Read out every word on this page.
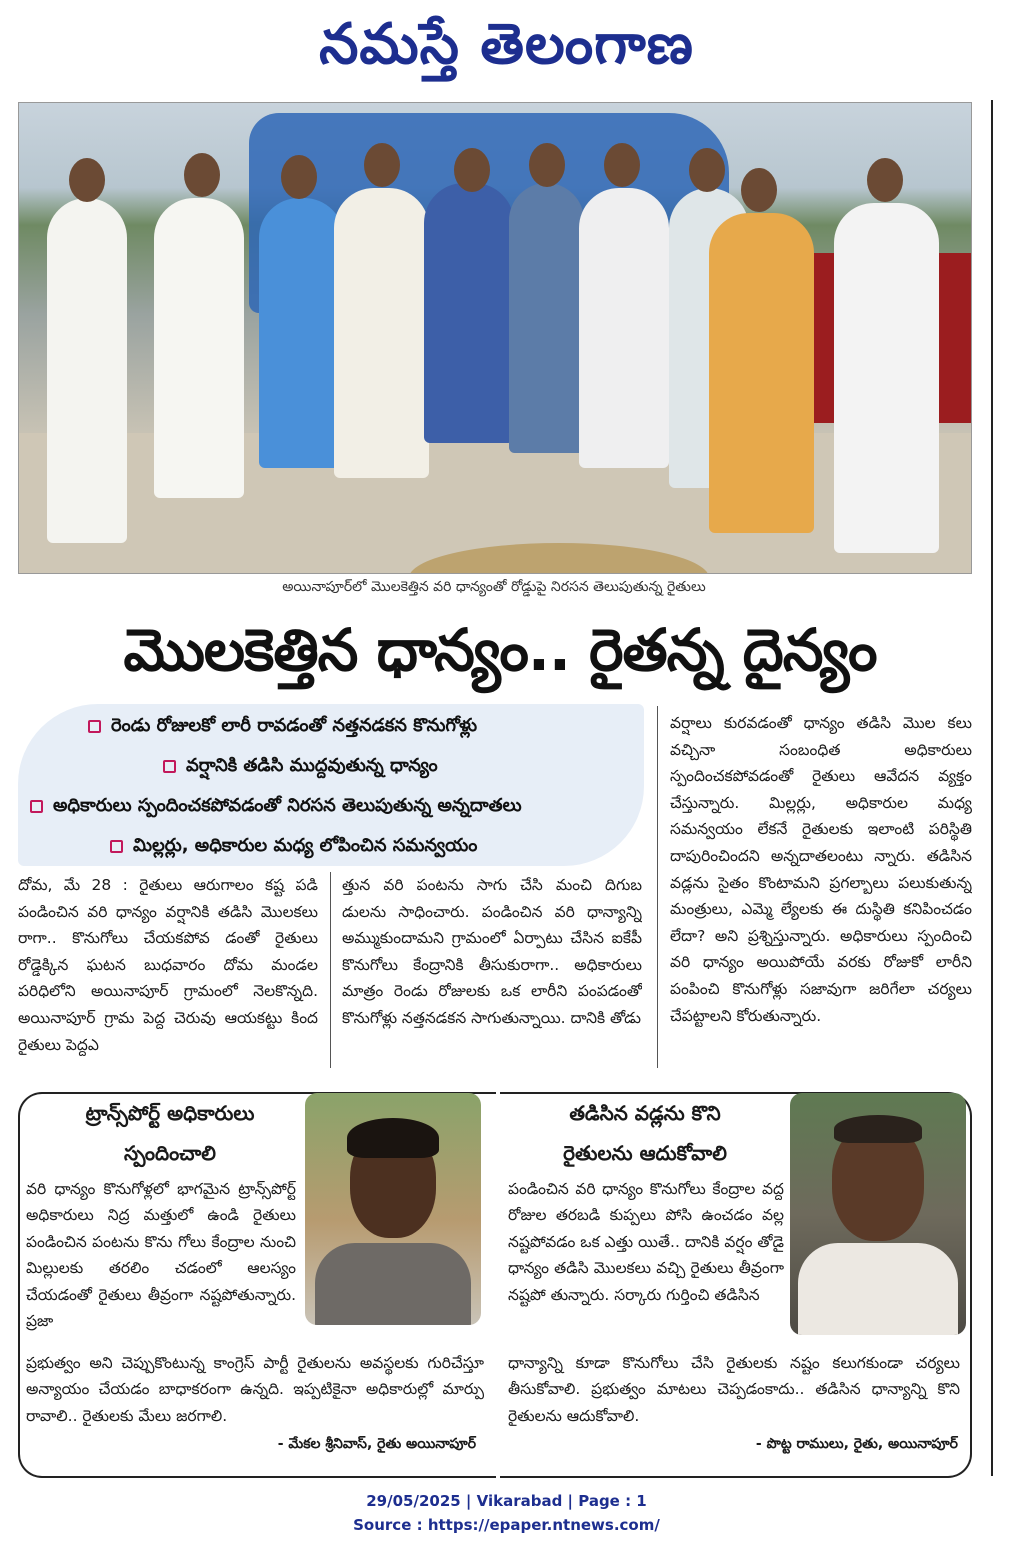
నమస్తే తెలంగాణ
అయినాపూర్‌లో మొలకెత్తిన వరి ధాన్యంతో రోడ్డుపై నిరసన తెలుపుతున్న రైతులు
మొలకెత్తిన ధాన్యం.. రైతన్న దైన్యం
రెండు రోజులకో లారీ రావడంతో నత్తనడకన కొనుగోళ్లు
వర్షానికి తడిసి ముద్దవుతున్న ధాన్యం
అధికారులు స్పందించకపోవడంతో నిరసన తెలుపుతున్న అన్నదాతలు
మిల్లర్లు, అధికారుల మధ్య లోపించిన సమన్వయం

దోమ, మే 28 : రైతులు ఆరుగాలం కష్ట పడి పండించిన వరి ధాన్యం వర్షానికి తడిసి మొలకలు రాగా.. కొనుగోలు చేయకపోవ డంతో రైతులు రోడ్డెక్కిన ఘటన బుధవారం దోమ మండల పరిధిలోని అయినాపూర్ గ్రామంలో నెలకొన్నది. అయినాపూర్ గ్రామ పెద్ద చెరువు ఆయకట్టు కింద రైతులు పెద్దఎ

త్తున వరి పంటను సాగు చేసి మంచి దిగుబ డులను సాధించారు. పండించిన వరి ధాన్యాన్ని అమ్ముకుందామని గ్రామంలో ఏర్పాటు చేసిన ఐకేపీ కొనుగోలు కేంద్రానికి తీసుకురాగా.. అధికారులు మాత్రం రెండు రోజులకు ఒక లారీని పంపడంతో కొనుగోళ్లు నత్తనడకన సాగుతున్నాయి. దానికి తోడు

వర్షాలు కురవడంతో ధాన్యం తడిసి మొల కలు వచ్చినా సంబంధిత అధికారులు స్పందించకపోవడంతో రైతులు ఆవేదన వ్యక్తం చేస్తున్నారు. మిల్లర్లు, అధికారుల మధ్య సమన్వయం లేకనే రైతులకు ఇలాంటి పరిస్థితి దాపురించిందని అన్నదాతలంటు న్నారు. తడిసిన వడ్లను సైతం కొంటామని ప్రగల్బాలు పలుకుతున్న మంత్రులు, ఎమ్మె ల్యేలకు ఈ దుస్థితి కనిపించడం లేదా? అని ప్రశ్నిస్తున్నారు. అధికారులు స్పందించి వరి ధాన్యం అయిపోయే వరకు రోజుకో లారీని పంపించి కొనుగోళ్లు సజావుగా జరిగేలా చర్యలు చేపట్టాలని కోరుతున్నారు.

ట్రాన్స్‌పోర్ట్ అధికారులు
స్పందించాలి
వరి ధాన్యం కొనుగోళ్లలో భాగమైన ట్రాన్స్‌పోర్ట్ అధికారులు నిద్ర మత్తులో ఉండి రైతులు పండించిన పంటను కొను గోలు కేంద్రాల నుంచి మిల్లులకు తరలిం చడంలో ఆలస్యం చేయడంతో రైతులు తీవ్రంగా నష్టపోతున్నారు. ప్రజా
ప్రభుత్వం అని చెప్పుకొంటున్న కాంగ్రెస్ పార్టీ రైతులను అవస్థలకు గురిచేస్తూ అన్యాయం చేయడం బాధాకరంగా ఉన్నది. ఇప్పటికైనా అధికారుల్లో మార్పు రావాలి.. రైతులకు మేలు జరగాలి.
- మేకల శ్రీనివాస్, రైతు అయినాపూర్
తడిసిన వడ్లను కొని
రైతులను ఆదుకోవాలి
పండించిన వరి ధాన్యం కొనుగోలు కేంద్రాల వద్ద రోజుల తరబడి కుప్పలు పోసి ఉంచడం వల్ల నష్టపోవడం ఒక ఎత్తు యితే.. దానికి వర్షం తోడై ధాన్యం తడిసి మొలకలు వచ్చి రైతులు తీవ్రంగా నష్టపో తున్నారు. సర్కారు గుర్తించి తడిసిన
ధాన్యాన్ని కూడా కొనుగోలు చేసి రైతులకు నష్టం కలుగకుండా చర్యలు తీసుకోవాలి. ప్రభుత్వం మాటలు చెప్పడంకాదు.. తడిసిన ధాన్యాన్ని కొని రైతులను ఆదుకోవాలి.
- పొట్ట రాములు, రైతు, అయినాపూర్
29/05/2025 | Vikarabad | Page : 1
Source : https://epaper.ntnews.com/
